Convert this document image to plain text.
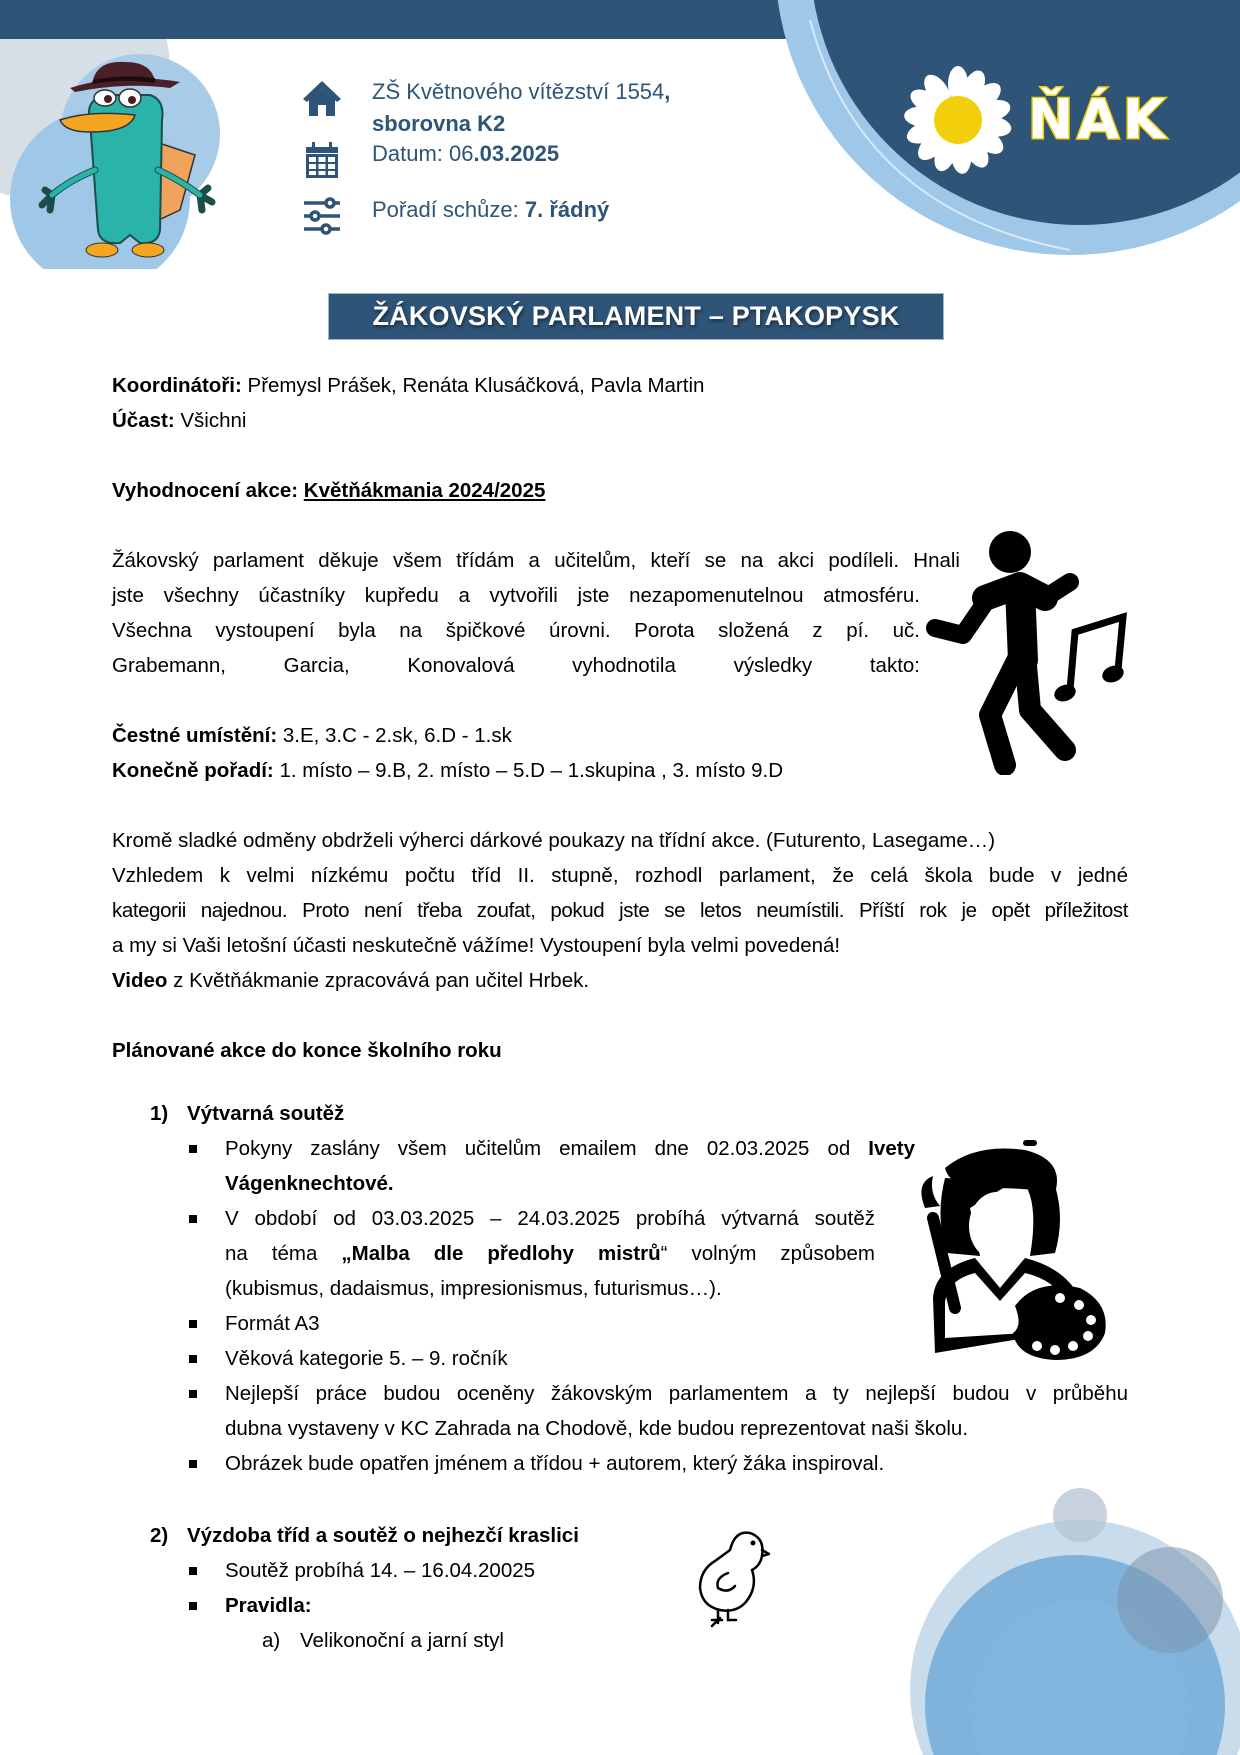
ŇÁK
ZŠ Květnového vítězství 1554,
sborovna K2
Datum: 06.03.2025
Pořadí schůze: 7. řádný
ŽÁKOVSKÝ PARLAMENT – PTAKOPYSK
Koordinátoři: Přemysl Prášek, Renáta Klusáčková, Pavla Martin
Účast: Všichni
Vyhodnocení akce: Květňákmania 2024/2025
Žákovský parlament děkuje všem třídám a učitelům, kteří se na akci podíleli. Hnali
jste všechny účastníky kupředu a vytvořili jste nezapomenutelnou atmosféru.
Všechna vystoupení byla na špičkové úrovni. Porota složená z pí. uč.
Grabemann, Garcia, Konovalová vyhodnotila výsledky takto:
Čestné umístění: 3.E, 3.C - 2.sk, 6.D - 1.sk
Konečně pořadí: 1. místo – 9.B, 2. místo – 5.D – 1.skupina , 3. místo 9.D
Kromě sladké odměny obdrželi výherci dárkové poukazy na třídní akce. (Futurento, Lasegame…)
Vzhledem k velmi nízkému počtu tříd II. stupně, rozhodl parlament, že celá škola bude v jedné
kategorii najednou. Proto není třeba zoufat, pokud jste se letos neumístili. Příští rok je opět příležitost
a my si Vaši letošní účasti neskutečně vážíme! Vystoupení byla velmi povedená!
Video z Květňákmanie zpracovává pan učitel Hrbek.
Plánované akce do konce školního roku
1) Výtvarná soutěž
Pokyny zaslány všem učitelům emailem dne 02.03.2025 od Ivety
Vágenknechtové.
V období od 03.03.2025 – 24.03.2025 probíhá výtvarná soutěž
na téma „Malba dle předlohy mistrů“ volným způsobem
(kubismus, dadaismus, impresionismus, futurismus…).
Formát A3
Věková kategorie 5. – 9. ročník
Nejlepší práce budou oceněny žákovským parlamentem a ty nejlepší budou v průběhu
dubna vystaveny v KC Zahrada na Chodově, kde budou reprezentovat naši školu.
Obrázek bude opatřen jménem a třídou + autorem, který žáka inspiroval.
2) Výzdoba tříd a soutěž o nejhezčí kraslici
Soutěž probíhá 14. – 16.04.20025
Pravidla:
a) Velikonoční a jarní styl
